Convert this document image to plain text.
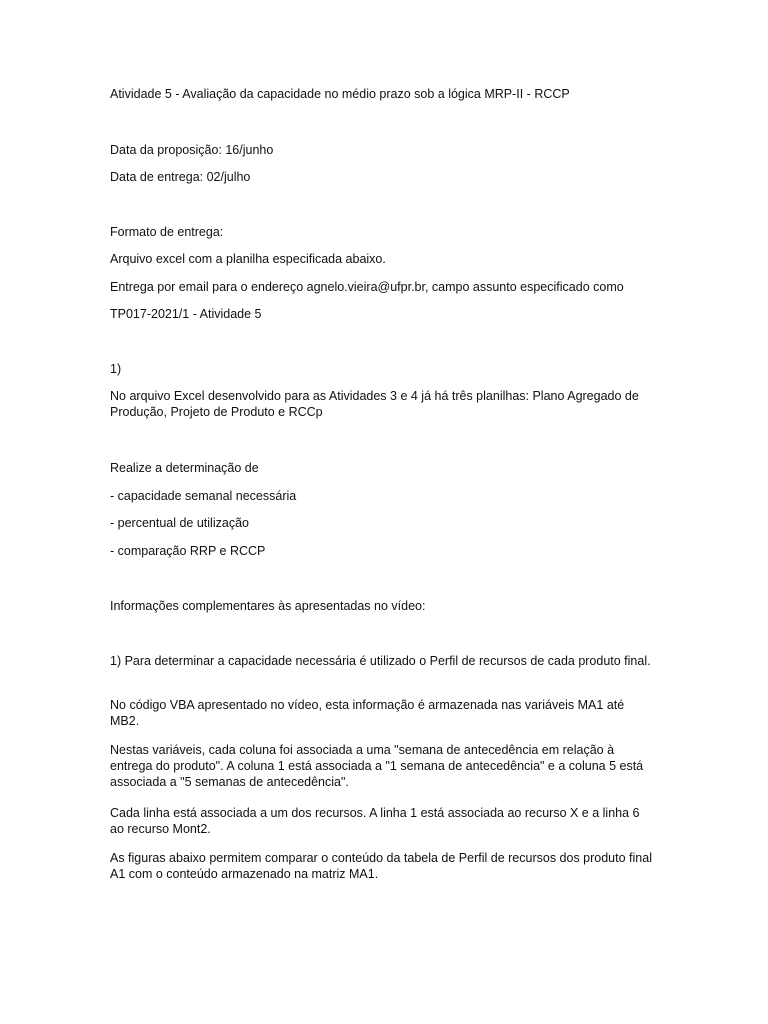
Atividade 5 - Avaliação da capacidade no médio prazo sob a lógica MRP-II - RCCP
Data da proposição: 16/junho
Data de entrega: 02/julho
Formato de entrega:
Arquivo excel com a planilha especificada abaixo.
Entrega por email para o endereço agnelo.vieira@ufpr.br, campo assunto especificado como
TP017-2021/1 - Atividade 5
1)
No arquivo Excel desenvolvido para as Atividades 3 e 4 já há três planilhas: Plano Agregado de Produção, Projeto de Produto e RCCp
Realize a determinação de
- capacidade semanal necessária
- percentual de utilização
- comparação RRP e RCCP
Informações complementares às apresentadas no vídeo:
1) Para determinar a capacidade necessária é utilizado o Perfil de recursos de cada produto final.
No código VBA apresentado no vídeo, esta informação é armazenada nas variáveis MA1 até MB2.
Nestas variáveis, cada coluna foi associada a uma "semana de antecedência em relação à entrega do produto". A coluna 1 está associada a "1 semana de antecedência" e a coluna 5 está associada a "5 semanas de antecedência".
Cada linha está associada a um dos recursos. A linha 1 está associada ao recurso X e a linha 6 ao recurso Mont2.
As figuras abaixo permitem comparar o conteúdo da tabela de Perfil de recursos dos produto final A1 com o conteúdo armazenado na matriz MA1.
